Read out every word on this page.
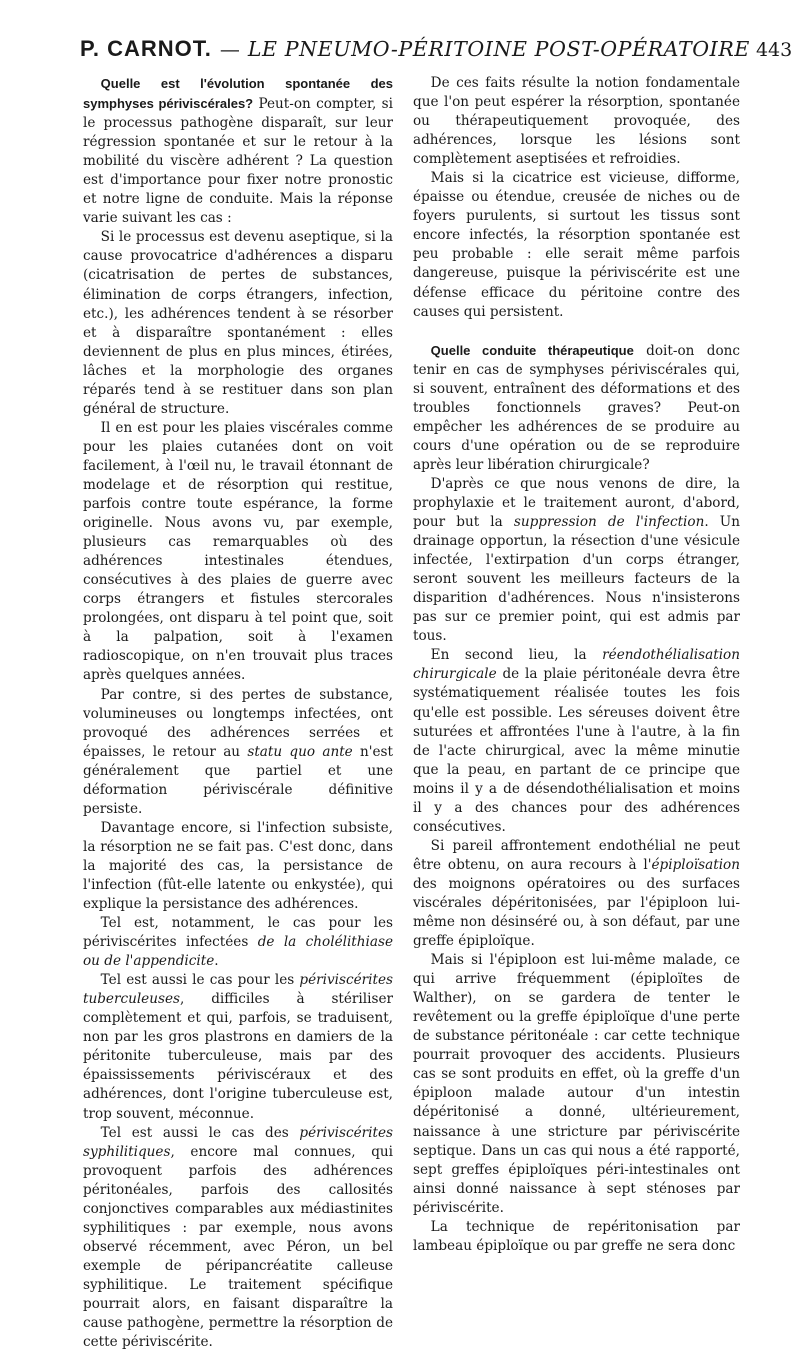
P. CARNOT. — LE PNEUMO-PÉRITOINE POST-OPÉRATOIRE 443

Quelle est l'évolution spontanée des symphyses périviscérales? Peut-on compter, si le processus pathogène disparaît, sur leur régression spontanée et sur le retour à la mobilité du viscère adhérent ? La question est d'importance pour fixer notre pronostic et notre ligne de conduite. Mais la réponse varie suivant les cas :

Si le processus est devenu aseptique, si la cause provocatrice d'adhérences a disparu (cicatrisation de pertes de substances, élimination de corps étrangers, infection, etc.), les adhérences tendent à se résorber et à disparaître spontanément : elles deviennent de plus en plus minces, étirées, lâches et la morphologie des organes réparés tend à se restituer dans son plan général de structure.

Il en est pour les plaies viscérales comme pour les plaies cutanées dont on voit facilement, à l'œil nu, le travail étonnant de modelage et de résorption qui restitue, parfois contre toute espérance, la forme originelle. Nous avons vu, par exemple, plusieurs cas remarquables où des adhérences intestinales étendues, consécutives à des plaies de guerre avec corps étrangers et fistules stercorales prolongées, ont disparu à tel point que, soit à la palpation, soit à l'examen radioscopique, on n'en trouvait plus traces après quelques années.

Par contre, si des pertes de substance, volumineuses ou longtemps infectées, ont provoqué des adhérences serrées et épaisses, le retour au statu quo ante n'est généralement que partiel et une déformation périviscérale définitive persiste.

Davantage encore, si l'infection subsiste, la résorption ne se fait pas. C'est donc, dans la majorité des cas, la persistance de l'infection (fût-elle latente ou enkystée), qui explique la persistance des adhérences.

Tel est, notamment, le cas pour les périviscérites infectées de la cholélithiase ou de l'appendicite.

Tel est aussi le cas pour les périviscérites tuberculeuses, difficiles à stériliser complètement et qui, parfois, se traduisent, non par les gros plastrons en damiers de la péritonite tuberculeuse, mais par des épaississements périviscéraux et des adhérences, dont l'origine tuberculeuse est, trop souvent, méconnue.

Tel est aussi le cas des périviscérites syphilitiques, encore mal connues, qui provoquent parfois des adhérences péritonéales, parfois des callosités conjonctives comparables aux médiastinites syphilitiques : par exemple, nous avons observé récemment, avec Péron, un bel exemple de péripancréatite calleuse syphilitique. Le traitement spécifique pourrait alors, en faisant disparaître la cause pathogène, permettre la résorption de cette périviscérite.

De ces faits résulte la notion fondamentale que l'on peut espérer la résorption, spontanée ou thérapeutiquement provoquée, des adhérences, lorsque les lésions sont complètement aseptisées et refroidies.

Mais si la cicatrice est vicieuse, difforme, épaisse ou étendue, creusée de niches ou de foyers purulents, si surtout les tissus sont encore infectés, la résorption spontanée est peu probable : elle serait même parfois dangereuse, puisque la périviscérite est une défense efficace du péritoine contre des causes qui persistent.

Quelle conduite thérapeutique doit-on donc tenir en cas de symphyses périviscérales qui, si souvent, entraînent des déformations et des troubles fonctionnels graves? Peut-on empêcher les adhérences de se produire au cours d'une opération ou de se reproduire après leur libération chirurgicale?

D'après ce que nous venons de dire, la prophylaxie et le traitement auront, d'abord, pour but la suppression de l'infection. Un drainage opportun, la résection d'une vésicule infectée, l'extirpation d'un corps étranger, seront souvent les meilleurs facteurs de la disparition d'adhérences. Nous n'insisterons pas sur ce premier point, qui est admis par tous.

En second lieu, la réendothélialisation chirurgicale de la plaie péritonéale devra être systématiquement réalisée toutes les fois qu'elle est possible. Les séreuses doivent être suturées et affrontées l'une à l'autre, à la fin de l'acte chirurgical, avec la même minutie que la peau, en partant de ce principe que moins il y a de désendothélialisation et moins il y a des chances pour des adhérences consécutives.

Si pareil affrontement endothélial ne peut être obtenu, on aura recours à l'épiploïsation des moignons opératoires ou des surfaces viscérales dépéritonisées, par l'épiploon lui-même non désinséré ou, à son défaut, par une greffe épiploïque.

Mais si l'épiploon est lui-même malade, ce qui arrive fréquemment (épiploïtes de Walther), on se gardera de tenter le revêtement ou la greffe épiploïque d'une perte de substance péritonéale : car cette technique pourrait provoquer des accidents. Plusieurs cas se sont produits en effet, où la greffe d'un épiploon malade autour d'un intestin dépéritonisé a donné, ultérieurement, naissance à une stricture par périviscérite septique. Dans un cas qui nous a été rapporté, sept greffes épiploïques péri-intestinales ont ainsi donné naissance à sept sténoses par périviscérite.

La technique de repéritonisation par lambeau épiploïque ou par greffe ne sera donc
